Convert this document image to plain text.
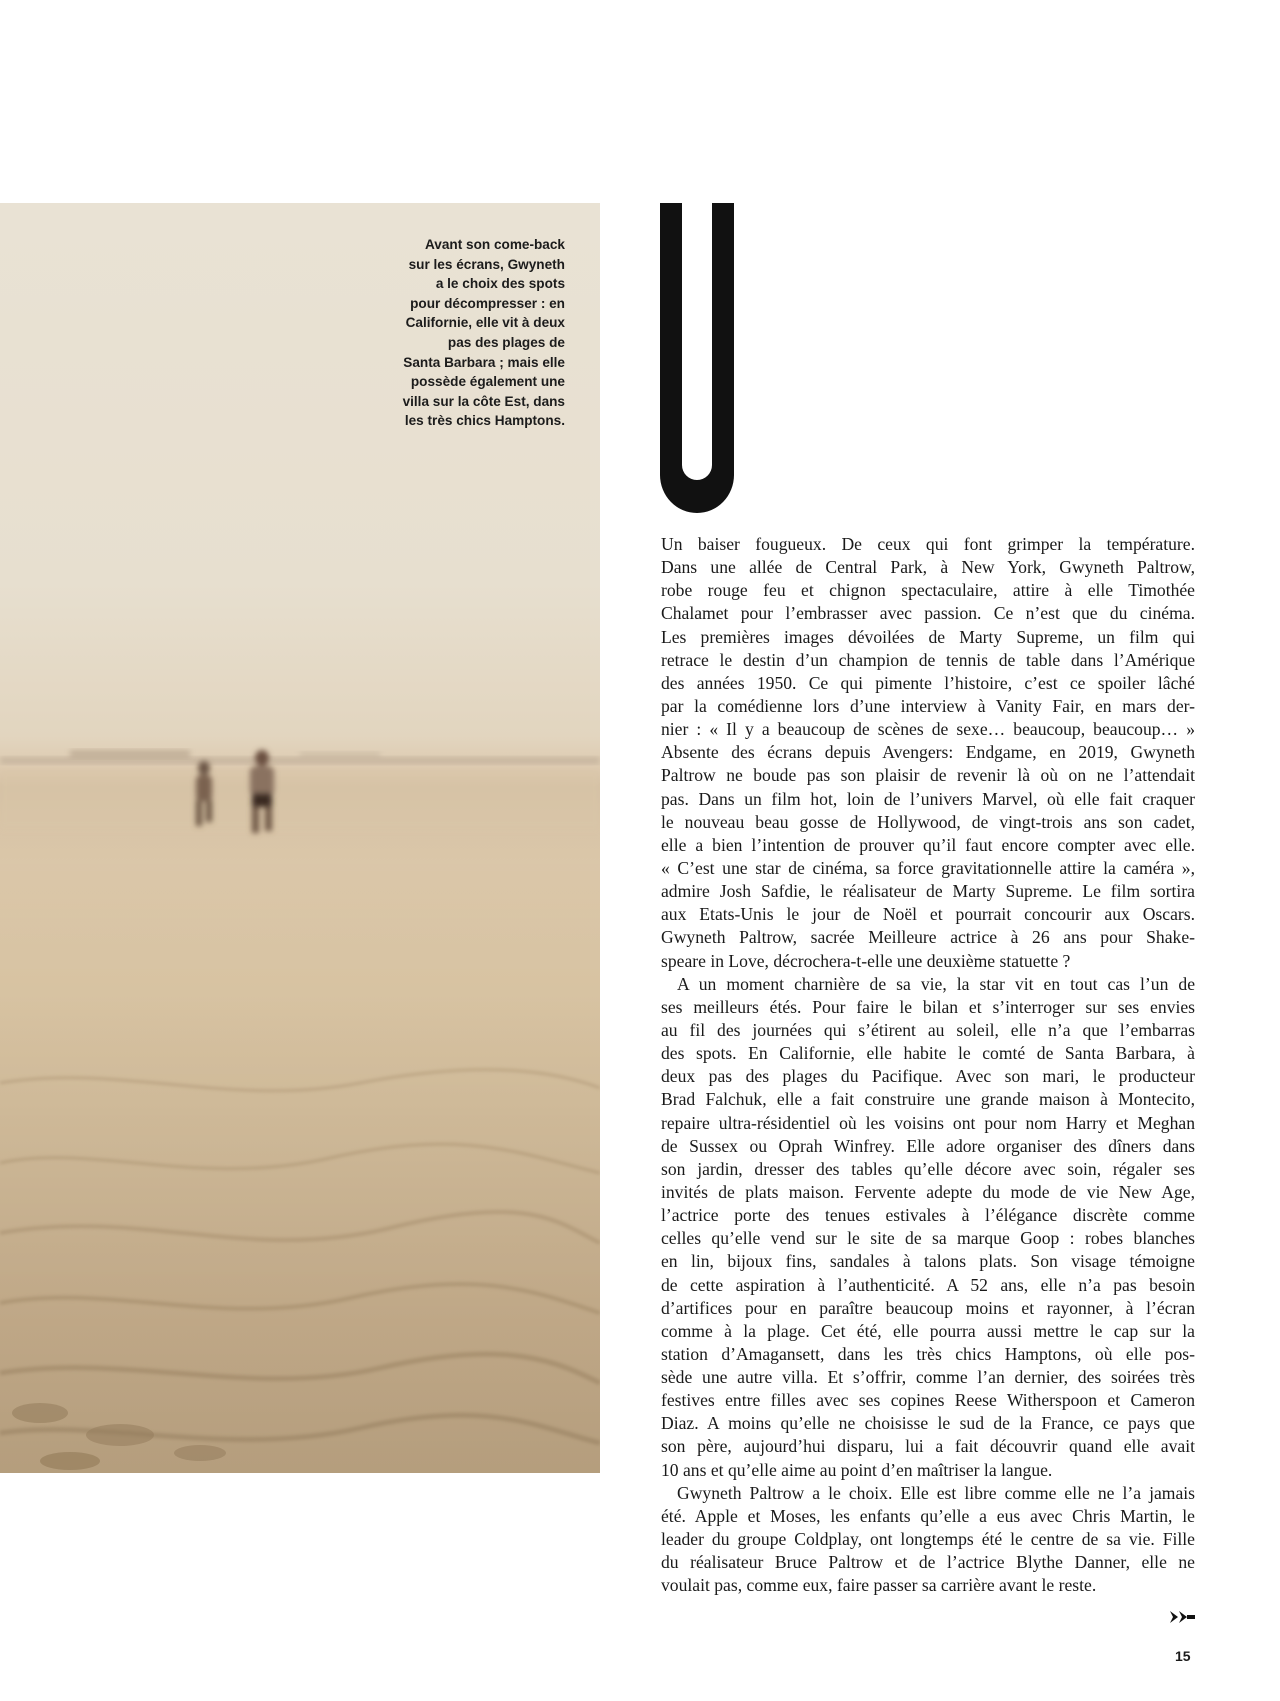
Avant son come-back
sur les écrans, Gwyneth
a le choix des spots
pour décompresser : en
Californie, elle vit à deux
pas des plages de
Santa Barbara ; mais elle
possède également une
villa sur la côte Est, dans
les très chics Hamptons.
Un baiser fougueux. De ceux qui font grimper la température.
Dans une allée de Central Park, à New York, Gwyneth Paltrow,
robe rouge feu et chignon spectaculaire, attire à elle Timothée
Chalamet pour l’embrasser avec passion. Ce n’est que du cinéma.
Les premières images dévoilées de Marty Supreme, un film qui
retrace le destin d’un champion de tennis de table dans l’Amérique
des années 1950. Ce qui pimente l’histoire, c’est ce spoiler lâché
par la comédienne lors d’une interview à Vanity Fair, en mars der-
nier : « Il y a beaucoup de scènes de sexe… beaucoup, beaucoup… »
Absente des écrans depuis Avengers: Endgame, en 2019, Gwyneth
Paltrow ne boude pas son plaisir de revenir là où on ne l’attendait
pas. Dans un film hot, loin de l’univers Marvel, où elle fait craquer
le nouveau beau gosse de Hollywood, de vingt-trois ans son cadet,
elle a bien l’intention de prouver qu’il faut encore compter avec elle.
« C’est une star de cinéma, sa force gravitationnelle attire la caméra »,
admire Josh Safdie, le réalisateur de Marty Supreme. Le film sortira
aux Etats-Unis le jour de Noël et pourrait concourir aux Oscars.
Gwyneth Paltrow, sacrée Meilleure actrice à 26 ans pour Shake-
speare in Love, décrochera-t-elle une deuxième statuette ?
A un moment charnière de sa vie, la star vit en tout cas l’un de
ses meilleurs étés. Pour faire le bilan et s’interroger sur ses envies
au fil des journées qui s’étirent au soleil, elle n’a que l’embarras
des spots. En Californie, elle habite le comté de Santa Barbara, à
deux pas des plages du Pacifique. Avec son mari, le producteur
Brad Falchuk, elle a fait construire une grande maison à Montecito,
repaire ultra-résidentiel où les voisins ont pour nom Harry et Meghan
de Sussex ou Oprah Winfrey. Elle adore organiser des dîners dans
son jardin, dresser des tables qu’elle décore avec soin, régaler ses
invités de plats maison. Fervente adepte du mode de vie New Age,
l’actrice porte des tenues estivales à l’élégance discrète comme
celles qu’elle vend sur le site de sa marque Goop : robes blanches
en lin, bijoux fins, sandales à talons plats. Son visage témoigne
de cette aspiration à l’authenticité. A 52 ans, elle n’a pas besoin
d’artifices pour en paraître beaucoup moins et rayonner, à l’écran
comme à la plage. Cet été, elle pourra aussi mettre le cap sur la
station d’Amagansett, dans les très chics Hamptons, où elle pos-
sède une autre villa. Et s’offrir, comme l’an dernier, des soirées très
festives entre filles avec ses copines Reese Witherspoon et Cameron
Diaz. A moins qu’elle ne choisisse le sud de la France, ce pays que
son père, aujourd’hui disparu, lui a fait découvrir quand elle avait
10 ans et qu’elle aime au point d’en maîtriser la langue.
Gwyneth Paltrow a le choix. Elle est libre comme elle ne l’a jamais
été. Apple et Moses, les enfants qu’elle a eus avec Chris Martin, le
leader du groupe Coldplay, ont longtemps été le centre de sa vie. Fille
du réalisateur Bruce Paltrow et de l’actrice Blythe Danner, elle ne
voulait pas, comme eux, faire passer sa carrière avant le reste.
15
